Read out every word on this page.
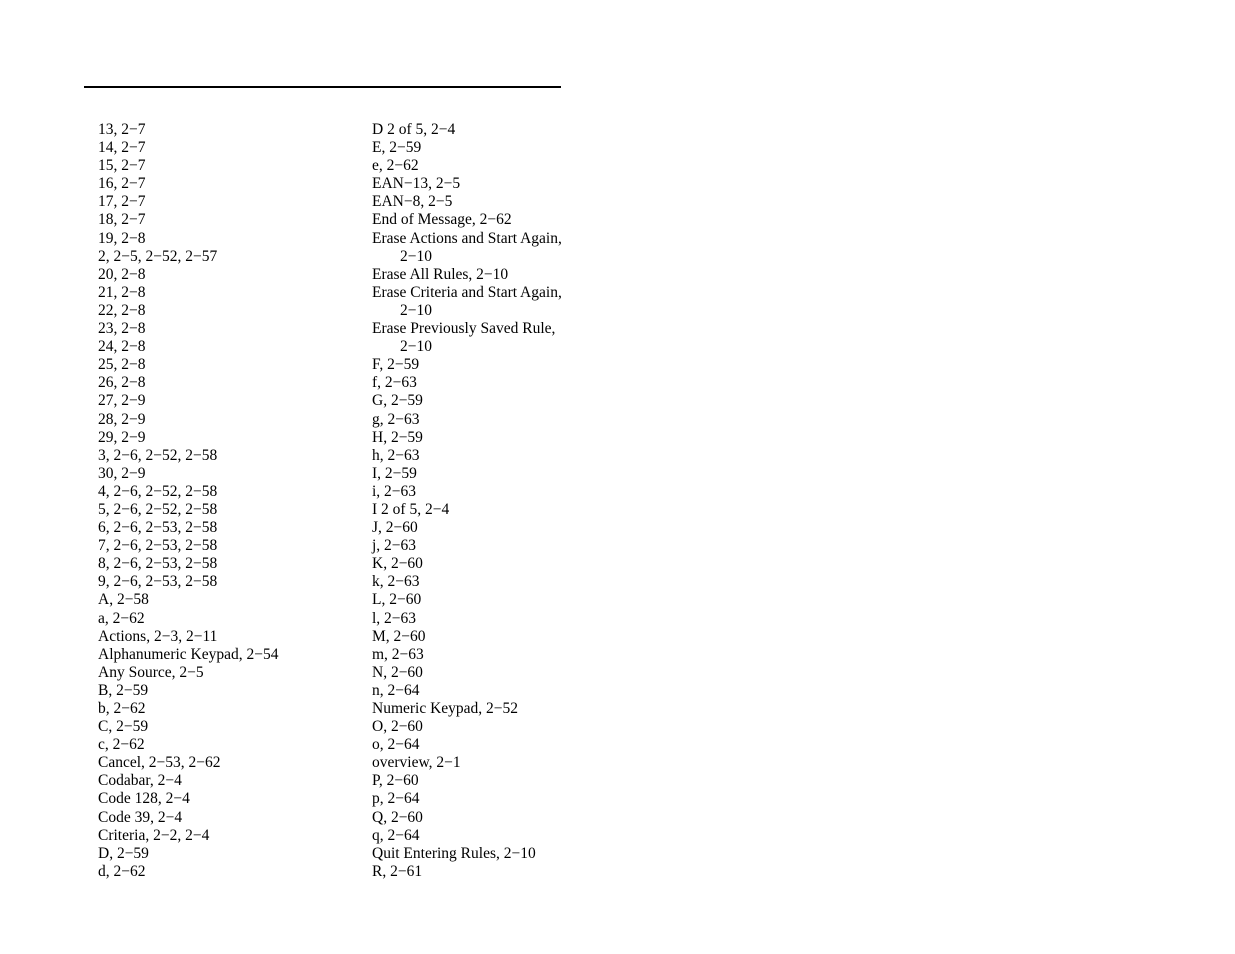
13, 2−7
14, 2−7
15, 2−7
16, 2−7
17, 2−7
18, 2−7
19, 2−8
2, 2−5, 2−52, 2−57
20, 2−8
21, 2−8
22, 2−8
23, 2−8
24, 2−8
25, 2−8
26, 2−8
27, 2−9
28, 2−9
29, 2−9
3, 2−6, 2−52, 2−58
30, 2−9
4, 2−6, 2−52, 2−58
5, 2−6, 2−52, 2−58
6, 2−6, 2−53, 2−58
7, 2−6, 2−53, 2−58
8, 2−6, 2−53, 2−58
9, 2−6, 2−53, 2−58
A, 2−58
a, 2−62
Actions, 2−3, 2−11
Alphanumeric Keypad, 2−54
Any Source, 2−5
B, 2−59
b, 2−62
C, 2−59
c, 2−62
Cancel, 2−53, 2−62
Codabar, 2−4
Code 128, 2−4
Code 39, 2−4
Criteria, 2−2, 2−4
D, 2−59
d, 2−62
D 2 of 5, 2−4
E, 2−59
e, 2−62
EAN−13, 2−5
EAN−8, 2−5
End of Message, 2−62
Erase Actions and Start Again,
2−10
Erase All Rules, 2−10
Erase Criteria and Start Again,
2−10
Erase Previously Saved Rule,
2−10
F, 2−59
f, 2−63
G, 2−59
g, 2−63
H, 2−59
h, 2−63
I, 2−59
i, 2−63
I 2 of 5, 2−4
J, 2−60
j, 2−63
K, 2−60
k, 2−63
L, 2−60
l, 2−63
M, 2−60
m, 2−63
N, 2−60
n, 2−64
Numeric Keypad, 2−52
O, 2−60
o, 2−64
overview, 2−1
P, 2−60
p, 2−64
Q, 2−60
q, 2−64
Quit Entering Rules, 2−10
R, 2−61
